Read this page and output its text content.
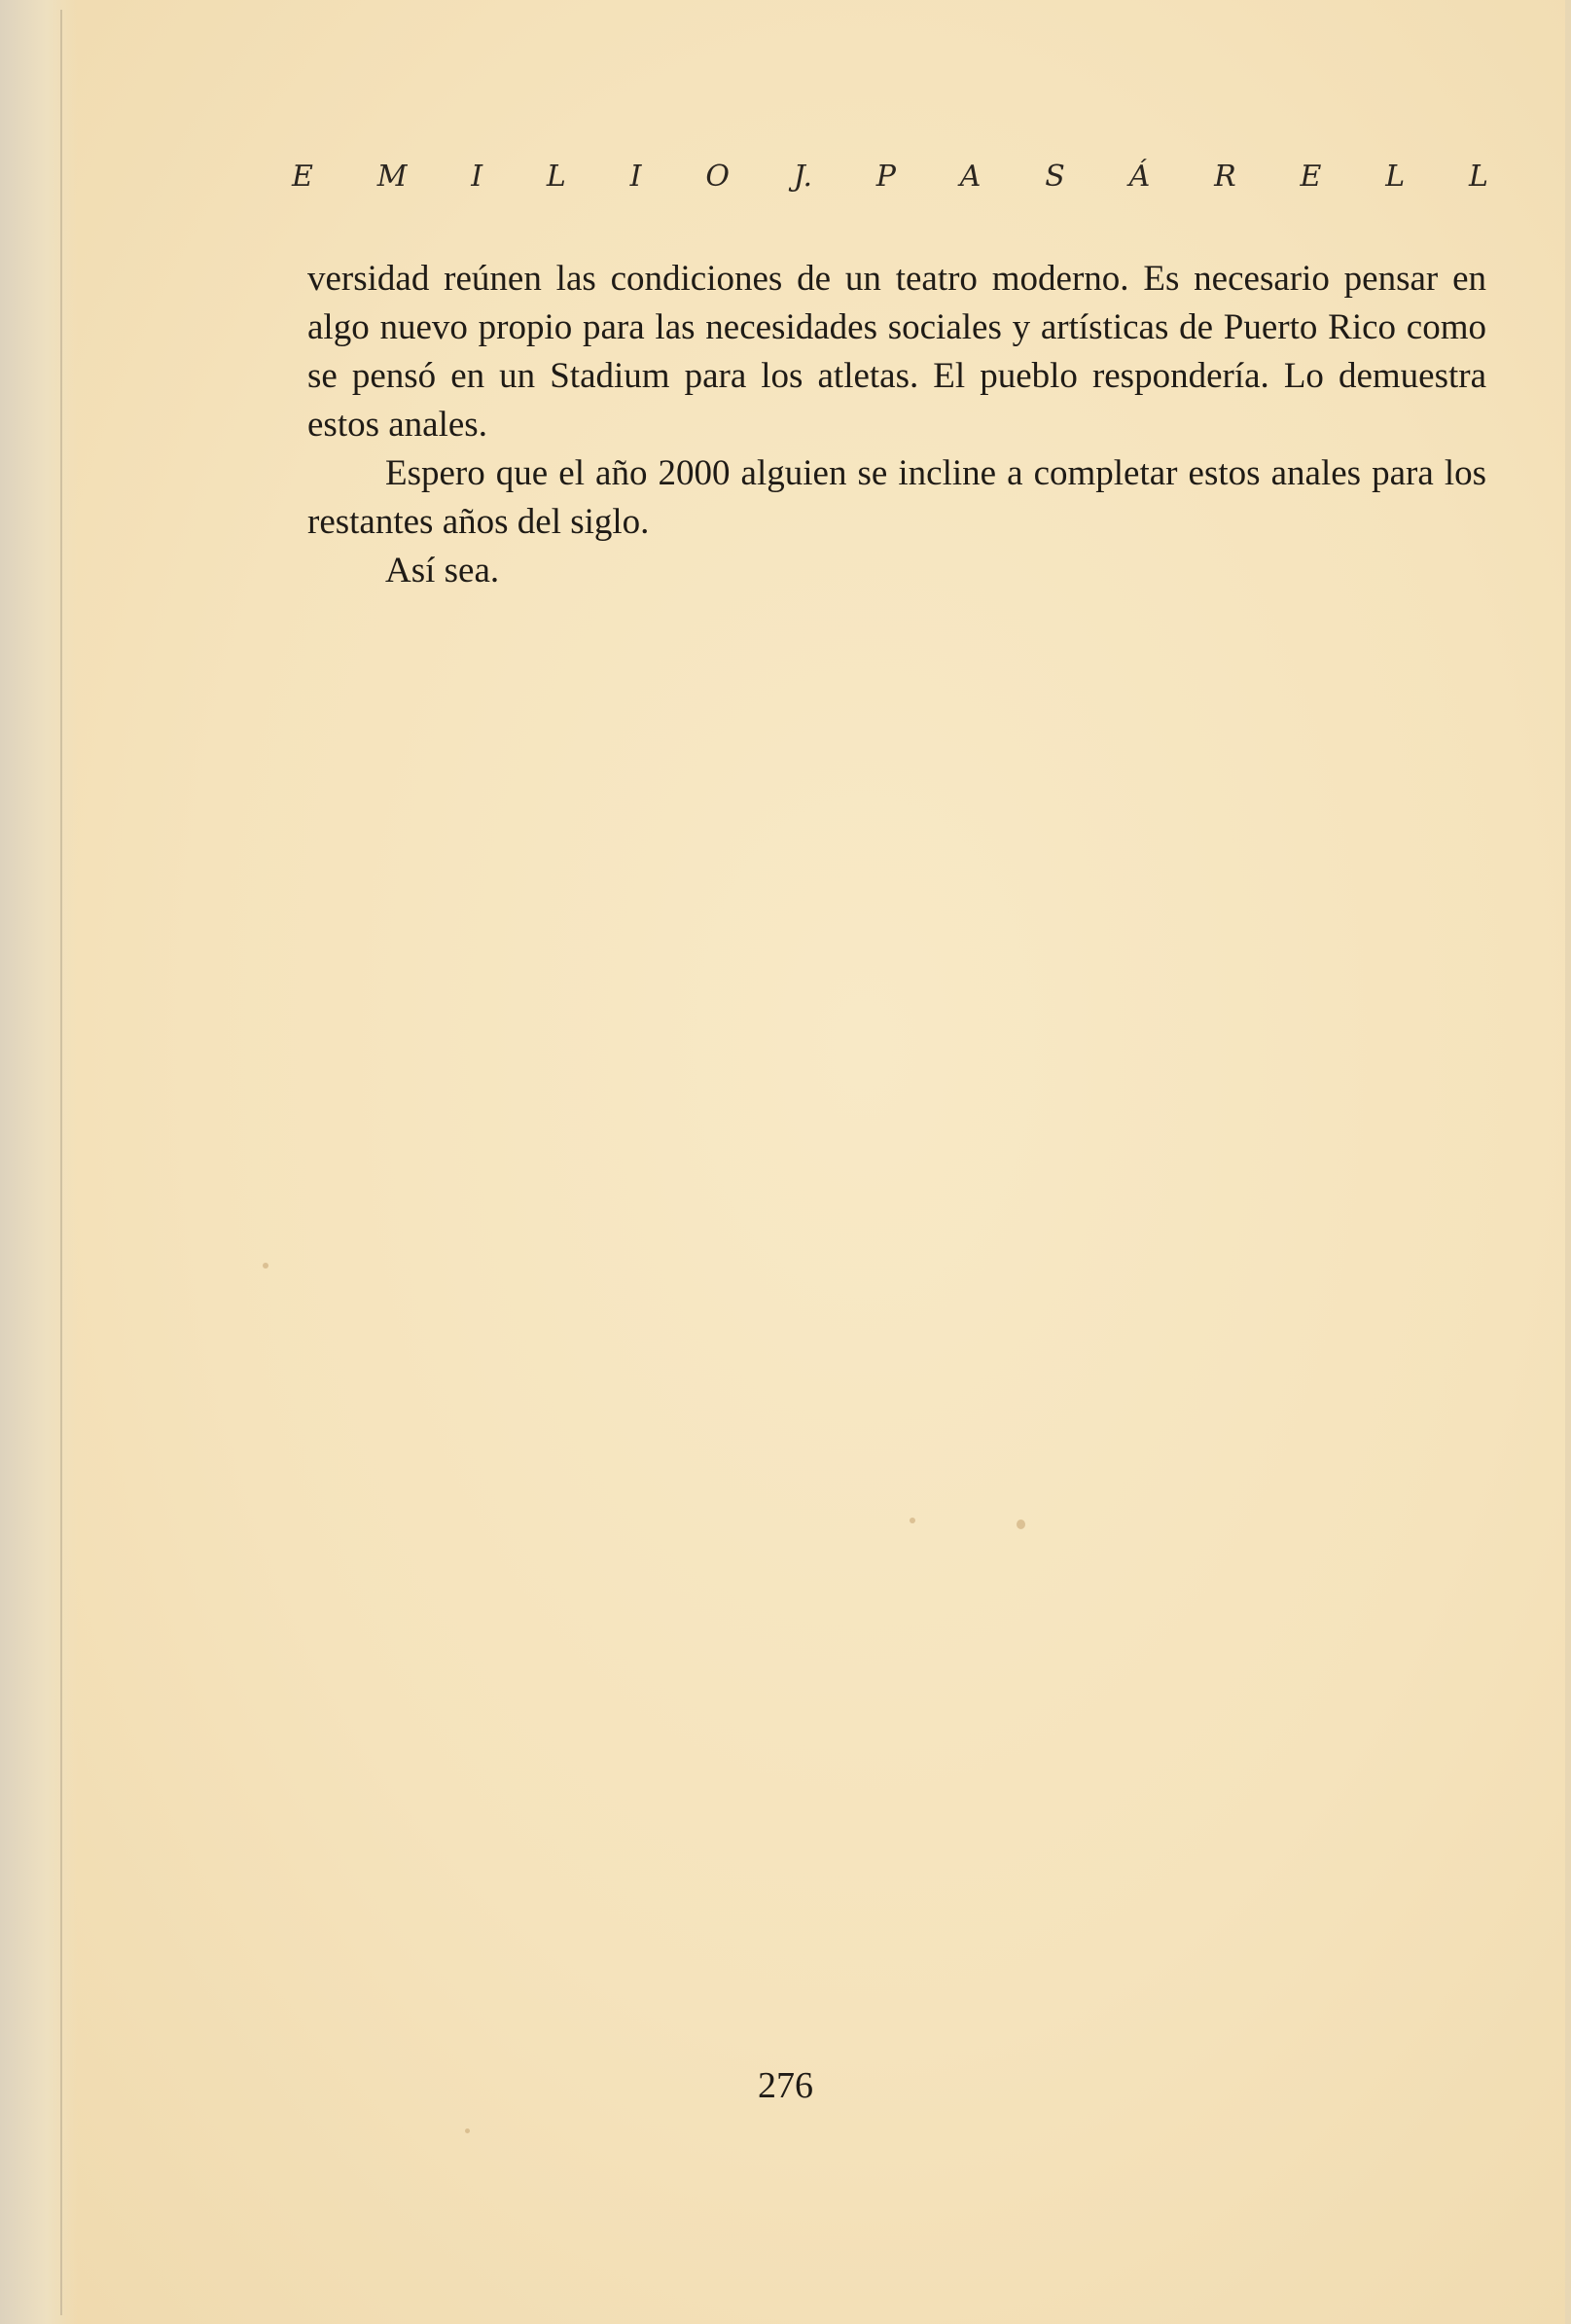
E M I L I O J. P A S Á R E L L

versidad reúnen las condiciones de un teatro moderno. Es necesario pensar en algo nuevo propio para las necesidades sociales y artísticas de Puerto Rico como se pensó en un Stadium para los atletas. El pueblo respondería. Lo demuestra estos anales.

Espero que el año 2000 alguien se incline a completar estos anales para los restantes años del siglo.

Así sea.

276
